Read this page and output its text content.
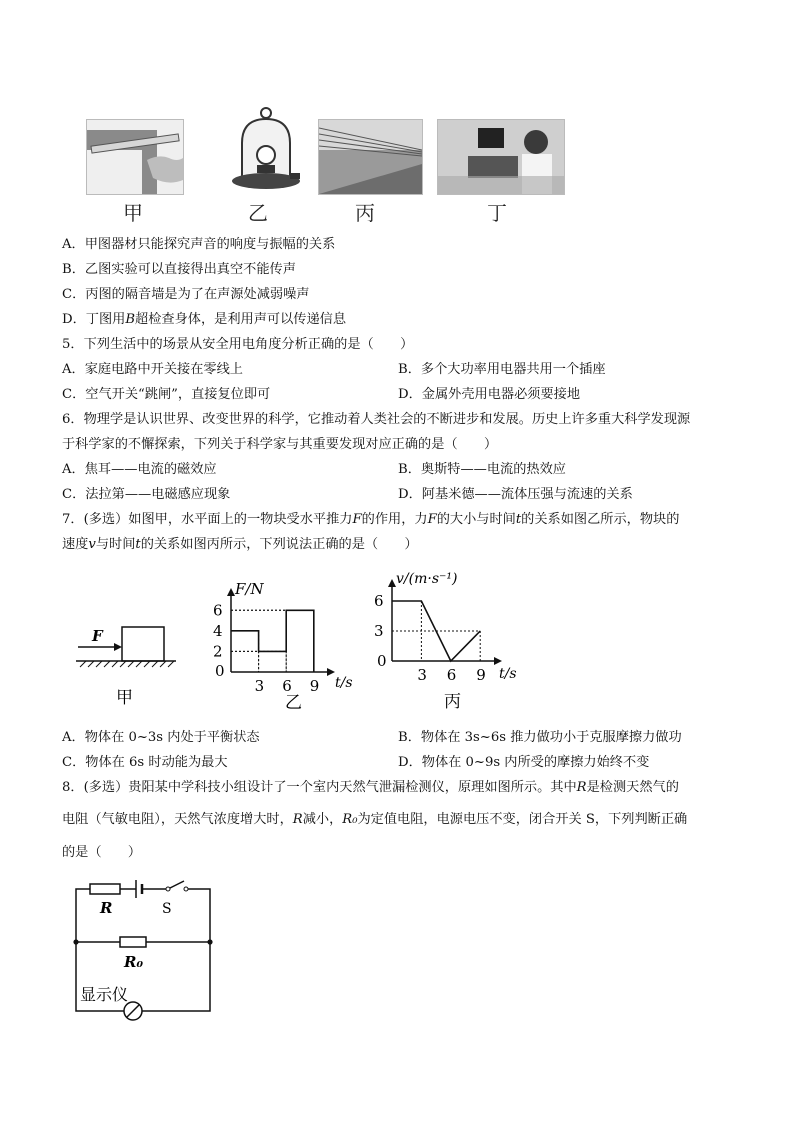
甲	乙	丙	丁
A．甲图器材只能探究声音的响度与振幅的关系
B．乙图实验可以直接得出真空不能传声
C．丙图的隔音墙是为了在声源处减弱噪声
D．丁图用B超检查身体，是利用声可以传递信息
5．下列生活中的场景从安全用电角度分析正确的是（　　）
A．家庭电路中开关接在零线上	B．多个大功率用电器共用一个插座
C．空气开关“跳闸”，直接复位即可	D．金属外壳用电器必须要接地
6．物理学是认识世界、改变世界的科学，它推动着人类社会的不断进步和发展。历史上许多重大科学发现源
于科学家的不懈探索，下列关于科学家与其重要发现对应正确的是（　　）
A．焦耳——电流的磁效应	B．奥斯特——电流的热效应
C．法拉第——电磁感应现象	D．阿基米德——流体压强与流速的关系
7．(多选）如图甲，水平面上的一物块受水平推力F的作用，力F的大小与时间t的关系如图乙所示，物块的
速度v与时间t的关系如图丙所示，下列说法正确的是（　　）
F
甲
3 6 9
2
4
6
F/N
t/s
0
乙
3 6 9
3
6
v/(m·s⁻¹)
t/s
0
丙
A．物体在 0~3s 内处于平衡状态	B．物体在 3s~6s 推力做功小于克服摩擦力做功
C．物体在 6s 时动能为最大	D．物体在 0~9s 内所受的摩擦力始终不变
8．(多选）贵阳某中学科技小组设计了一个室内天然气泄漏检测仪，原理如图所示。其中R是检测天然气的
电阻（气敏电阻），天然气浓度增大时，R减小，R₀为定值电阻，电源电压不变，闭合开关 S，下列判断正确
的是（　　）
R	S
R₀
显示仪
